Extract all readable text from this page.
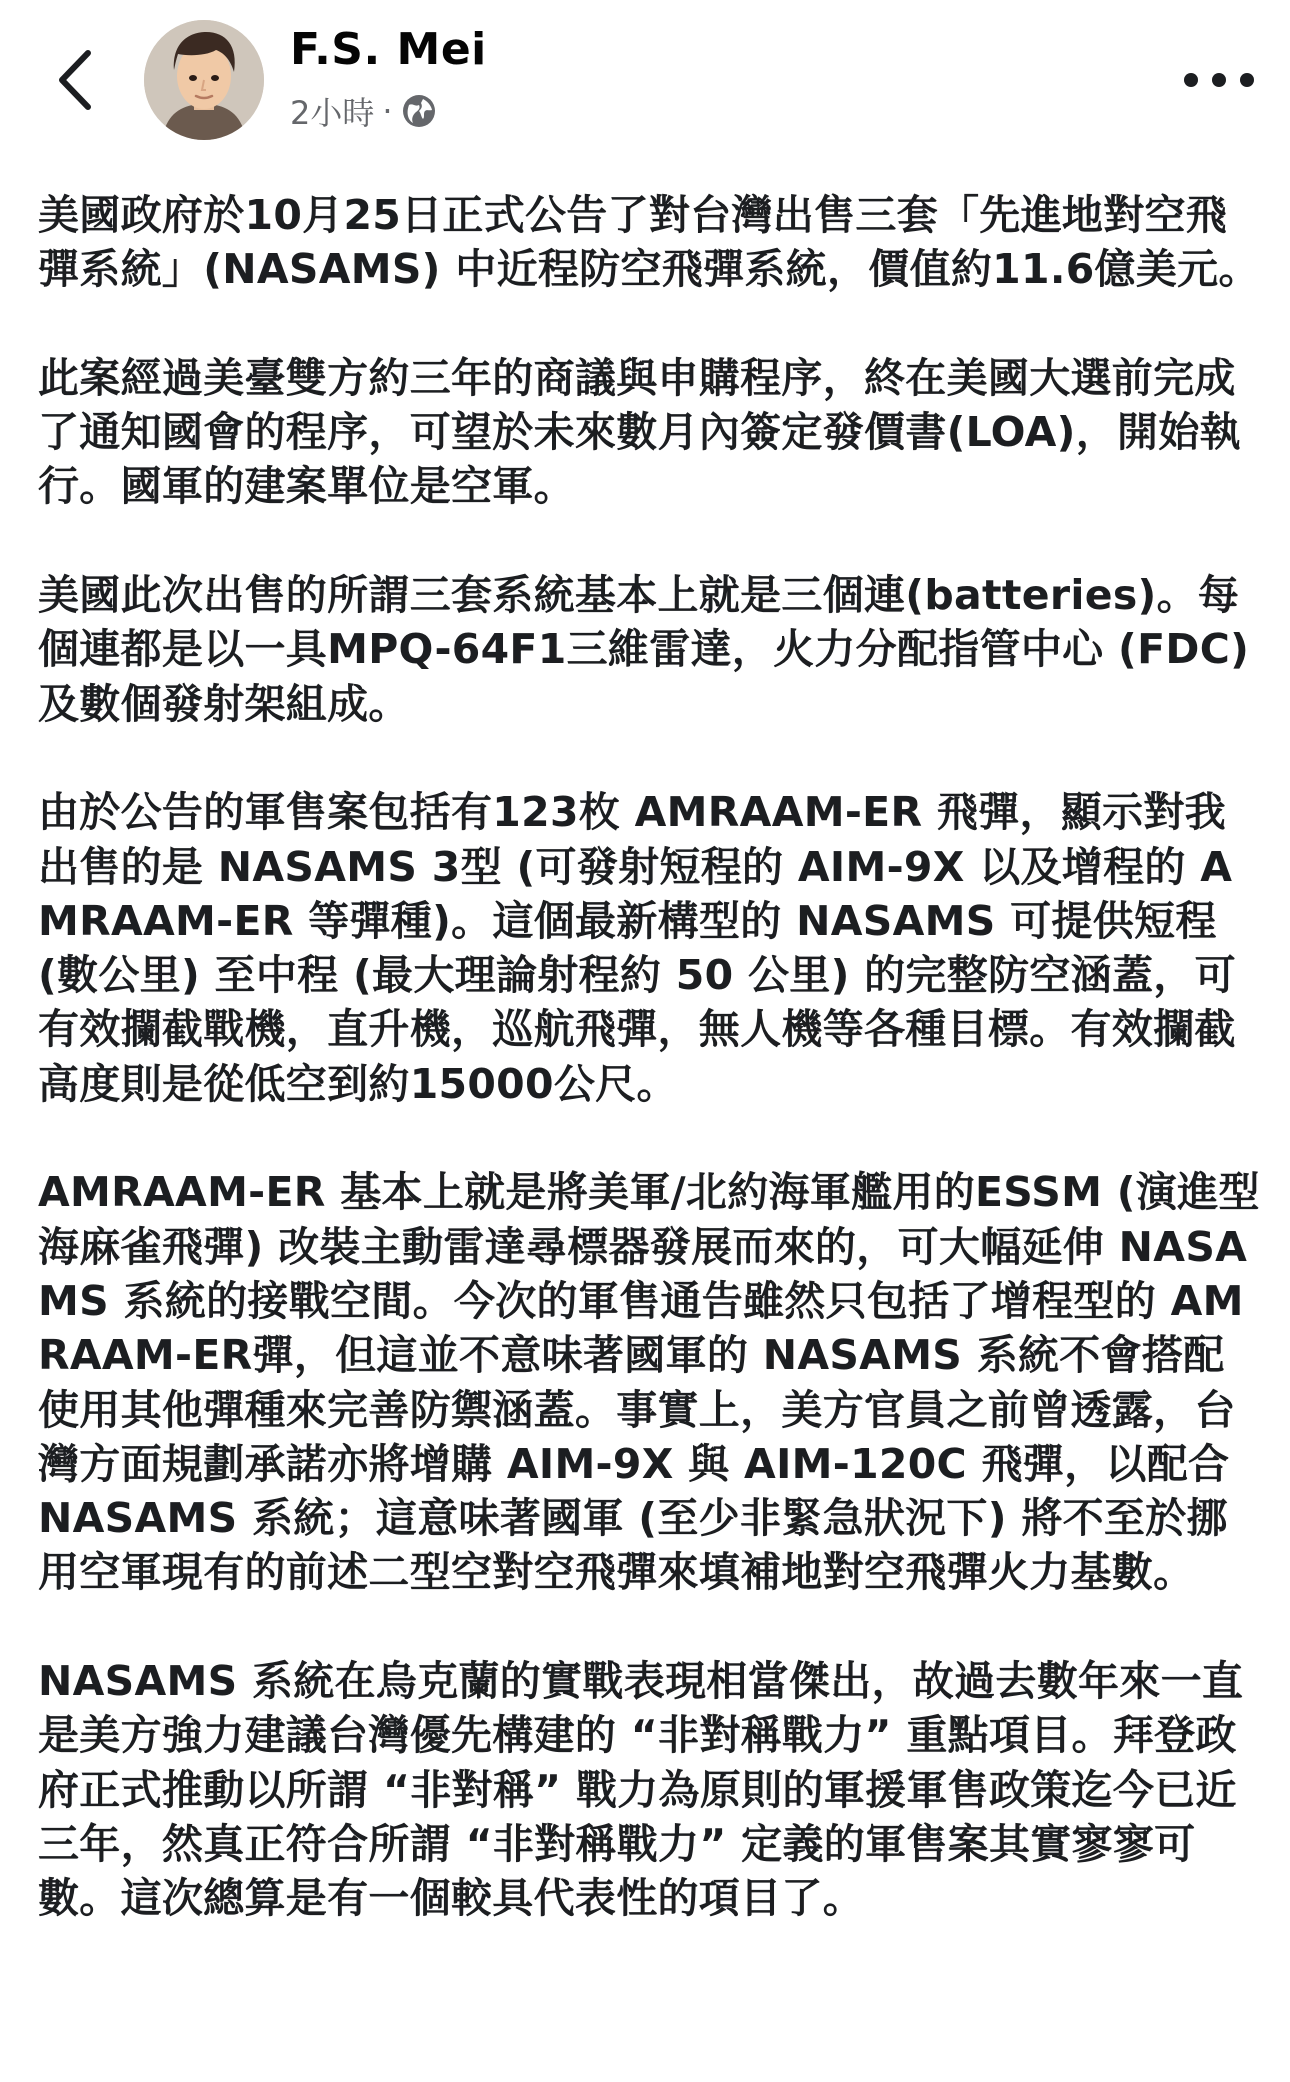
F.S. Mei
2小時 ·

美國政府於10月25日正式公告了對台灣出售三套「先進地對空飛彈系統」(NASAMS) 中近程防空飛彈系統，價值約11.6億美元。

此案經過美臺雙方約三年的商議與申購程序，終在美國大選前完成了通知國會的程序，可望於未來數月內簽定發價書(LOA)，開始執行。國軍的建案單位是空軍。

美國此次出售的所謂三套系統基本上就是三個連(batteries)。每個連都是以一具MPQ-64F1三維雷達，火力分配指管中心 (FDC) 及數個發射架組成。

由於公告的軍售案包括有123枚 AMRAAM-ER 飛彈，顯示對我出售的是 NASAMS 3型 (可發射短程的 AIM-9X 以及增程的 AMRAAM-ER 等彈種)。這個最新構型的 NASAMS 可提供短程 (數公里) 至中程 (最大理論射程約 50 公里) 的完整防空涵蓋，可有效攔截戰機，直升機，巡航飛彈，無人機等各種目標。有效攔截高度則是從低空到約15000公尺。

AMRAAM-ER 基本上就是將美軍/北約海軍艦用的ESSM (演進型海麻雀飛彈) 改裝主動雷達尋標器發展而來的，可大幅延伸 NASAMS 系統的接戰空間。今次的軍售通告雖然只包括了增程型的 AMRAAM-ER彈，但這並不意味著國軍的 NASAMS 系統不會搭配使用其他彈種來完善防禦涵蓋。事實上，美方官員之前曾透露，台灣方面規劃承諾亦將增購 AIM-9X 與 AIM-120C 飛彈，以配合 NASAMS 系統；這意味著國軍 (至少非緊急狀況下) 將不至於挪用空軍現有的前述二型空對空飛彈來填補地對空飛彈火力基數。

NASAMS 系統在烏克蘭的實戰表現相當傑出，故過去數年來一直是美方強力建議台灣優先構建的 “非對稱戰力” 重點項目。拜登政府正式推動以所謂 “非對稱” 戰力為原則的軍援軍售政策迄今已近三年，然真正符合所謂 “非對稱戰力” 定義的軍售案其實寥寥可數。這次總算是有一個較具代表性的項目了。
